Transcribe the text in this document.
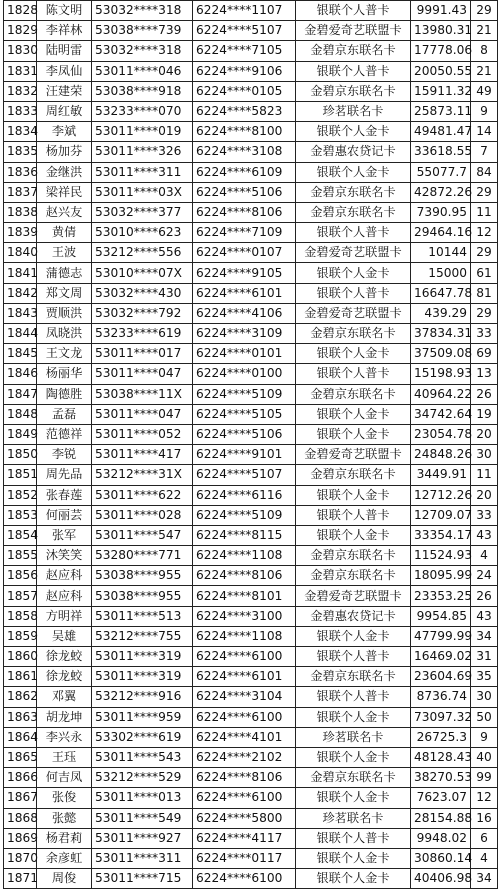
1828	陈文明	53032****318	6224****1107	银联个人普卡	9991.43	29
1829	李祥林	53038****739	6224****5107	金碧爱奇艺联盟卡	13980.31	21
1830	陆明雷	53032****318	6224****7105	金碧京东联名卡	17778.06	8
1831	李凤仙	53011****046	6224****9106	银联个人普卡	20050.55	21
1832	汪建荣	53038****918	6224****0105	金碧京东联名卡	15911.32	49
1833	周红敏	53233****070	6224****5823	珍茗联名卡	25873.11	9
1834	李斌	53011****019	6224****8100	银联个人金卡	49481.47	14
1835	杨加芬	53011****326	6224****3108	金碧惠农贷记卡	33618.55	7
1836	金继洪	53011****311	6224****6109	银联个人金卡	55077.7	84
1837	梁祥民	53011****03X	6224****5106	金碧京东联名卡	42872.26	29
1838	赵兴友	53032****377	6224****8106	金碧京东联名卡	7390.95	11
1839	黄倩	53010****623	6224****7109	银联个人普卡	29464.16	12
1840	王波	53212****556	6224****0107	金碧爱奇艺联盟卡	10144	29
1841	蒲德志	53010****07X	6224****9105	银联个人金卡	15000	61
1842	郑文周	53032****430	6224****6101	银联个人普卡	16647.78	81
1843	贾顺洪	53032****792	6224****4106	金碧爱奇艺联盟卡	439.29	29
1844	凤晓洪	53233****619	6224****3109	金碧京东联名卡	37834.31	33
1845	王文龙	53011****017	6224****0101	银联个人金卡	37509.08	69
1846	杨丽华	53011****047	6224****0100	银联个人普卡	15198.93	13
1847	陶德胜	53038****11X	6224****5109	金碧京东联名卡	40964.22	26
1848	孟磊	53011****047	6224****5105	银联个人金卡	34742.64	19
1849	范德祥	53011****052	6224****5106	银联个人金卡	23054.78	20
1850	李锐	53011****417	6224****9101	金碧爱奇艺联盟卡	24848.26	30
1851	周先品	53212****31X	6224****5107	金碧京东联名卡	3449.91	11
1852	张春莲	53011****622	6224****6116	银联个人金卡	12712.26	20
1853	何丽芸	53011****028	6224****5109	银联个人普卡	12709.07	33
1854	张军	53011****547	6224****8115	银联个人金卡	33354.17	43
1855	沐笑笑	53280****771	6224****1108	金碧京东联名卡	11524.93	4
1856	赵应科	53038****955	6224****8106	金碧京东联名卡	18095.99	24
1857	赵应科	53038****955	6224****8101	金碧爱奇艺联盟卡	23353.25	26
1858	方明祥	53011****513	6224****3100	金碧惠农贷记卡	9954.85	43
1859	吴雄	53212****755	6224****1108	银联个人金卡	47799.99	34
1860	徐龙蛟	53011****319	6224****6100	银联个人普卡	16469.02	31
1861	徐龙蛟	53011****319	6224****6101	金碧京东联名卡	23604.69	35
1862	邓翼	53212****916	6224****3104	银联个人普卡	8736.74	30
1863	胡龙坤	53011****959	6224****6100	银联个人金卡	73097.32	50
1864	李兴永	53302****619	6224****4101	珍茗联名卡	26725.3	9
1865	王珏	53011****543	6224****2102	银联个人金卡	48128.43	40
1866	何吉凤	53212****529	6224****8106	金碧京东联名卡	38270.53	99
1867	张俊	53011****013	6224****6100	银联个人金卡	7623.07	12
1868	张懿	53011****549	6224****5800	珍茗联名卡	28154.88	16
1869	杨君莉	53011****927	6224****4117	银联个人普卡	9948.02	6
1870	余彦虹	53011****311	6224****0117	银联个人金卡	30860.14	4
1871	周俊	53011****715	6224****6100	银联个人金卡	40406.98	34
